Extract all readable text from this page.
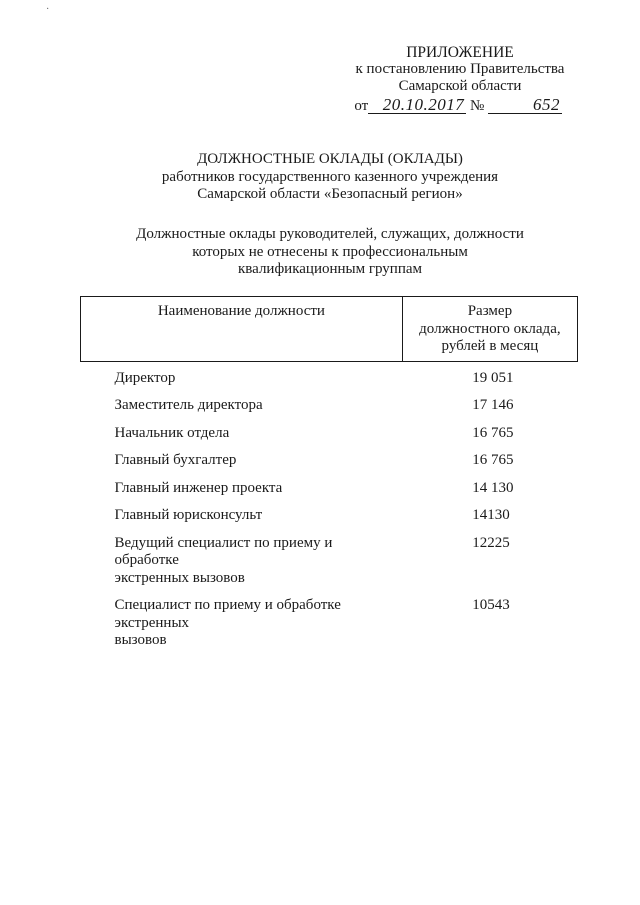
·
ПРИЛОЖЕНИЕ
к постановлению Правительства
Самарской области
от 20.10.2017 №	652
ДОЛЖНОСТНЫЕ ОКЛАДЫ (ОКЛАДЫ)
работников государственного казенного учреждения
Самарской области «Безопасный регион»
Должностные оклады руководителей, служащих, должности
которых не отнесены к профессиональным
квалификационным группам
Наименование должности	Размер
должностного оклада,
рублей в месяц

Директор	19 051
Заместитель директора	17 146
Начальник отдела	16 765
Главный бухгалтер	16 765
Главный инженер проекта	14 130
Главный юрисконсульт	14130

Ведущий специалист по приему и обработке
экстренных вызовов	12225

Специалист по приему и обработке экстренных
вызовов	10543
